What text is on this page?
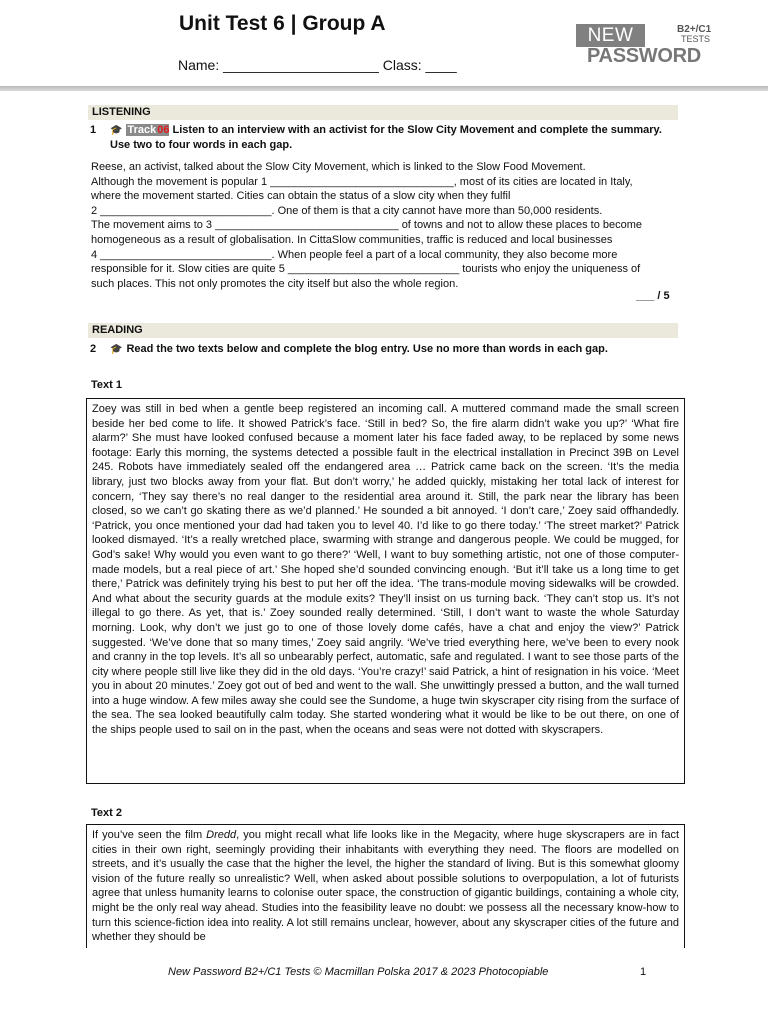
Unit Test 6 | Group A
Name: ____________________ Class: ____
NEW	B2+/C1
TESTS
PASSWORD
LISTENING
1 🎓 Track06 Listen to an interview with an activist for the Slow City Movement and complete the summary. Use two to four words in each gap.
Reese, an activist, talked about the Slow City Movement, which is linked to the Slow Food Movement.
Although the movement is popular 1 ______________________________, most of its cities are located in Italy,
where the movement started. Cities can obtain the status of a slow city when they fulfil
2 ____________________________. One of them is that a city cannot have more than 50,000 residents.
The movement aims to 3 ______________________________ of towns and not to allow these places to become
homogeneous as a result of globalisation. In CittaSlow communities, traffic is reduced and local businesses
4 ____________________________. When people feel a part of a local community, they also become more
responsible for it. Slow cities are quite 5 ____________________________ tourists who enjoy the uniqueness of
such places. This not only promotes the city itself but also the whole region.
___ / 5
READING
2 🎓 Read the two texts below and complete the blog entry. Use no more than words in each gap.
Text 1
Zoey was still in bed when a gentle beep registered an incoming call. A muttered command made the small screen beside her bed come to life. It showed Patrick’s face. ‘Still in bed? So, the fire alarm didn’t wake you up?’ ‘What fire alarm?’ She must have looked confused because a moment later his face faded away, to be replaced by some news footage: Early this morning, the systems detected a possible fault in the electrical installation in Precinct 39B on Level 245. Robots have immediately sealed off the endangered area … Patrick came back on the screen. ‘It’s the media library, just two blocks away from your flat. But don’t worry,’ he added quickly, mistaking her total lack of interest for concern, ‘They say there’s no real danger to the residential area around it. Still, the park near the library has been closed, so we can’t go skating there as we’d planned.’ He sounded a bit annoyed. ‘I don’t care,’ Zoey said offhandedly. ‘Patrick, you once mentioned your dad had taken you to level 40. I’d like to go there today.’ ‘The street market?’ Patrick looked dismayed. ‘It’s a really wretched place, swarming with strange and dangerous people. We could be mugged, for God’s sake! Why would you even want to go there?’ ‘Well, I want to buy something artistic, not one of those computer-made models, but a real piece of art.’ She hoped she’d sounded convincing enough. ‘But it’ll take us a long time to get there,’ Patrick was definitely trying his best to put her off the idea. ‘The trans-module moving sidewalks will be crowded. And what about the security guards at the module exits? They’ll insist on us turning back. ‘They can’t stop us. It’s not illegal to go there. As yet, that is.’ Zoey sounded really determined. ‘Still, I don’t want to waste the whole Saturday morning. Look, why don’t we just go to one of those lovely dome cafés, have a chat and enjoy the view?’ Patrick suggested. ‘We’ve done that so many times,’ Zoey said angrily. ‘We’ve tried everything here, we’ve been to every nook and cranny in the top levels. It’s all so unbearably perfect, automatic, safe and regulated. I want to see those parts of the city where people still live like they did in the old days. ‘You’re crazy!’ said Patrick, a hint of resignation in his voice. ‘Meet you in about 20 minutes.’ Zoey got out of bed and went to the wall. She unwittingly pressed a button, and the wall turned into a huge window. A few miles away she could see the Sundome, a huge twin skyscraper city rising from the surface of the sea. The sea looked beautifully calm today. She started wondering what it would be like to be out there, on one of the ships people used to sail on in the past, when the oceans and seas were not dotted with skyscrapers.
Text 2
If you’ve seen the film Dredd, you might recall what life looks like in the Megacity, where huge skyscrapers are in fact cities in their own right, seemingly providing their inhabitants with everything they need. The floors are modelled on streets, and it’s usually the case that the higher the level, the higher the standard of living. But is this somewhat gloomy vision of the future really so unrealistic? Well, when asked about possible solutions to overpopulation, a lot of futurists agree that unless humanity learns to colonise outer space, the construction of gigantic buildings, containing a whole city, might be the only real way ahead. Studies into the feasibility leave no doubt: we possess all the necessary know-how to turn this science-fiction idea into reality. A lot still remains unclear, however, about any skyscraper cities of the future and whether they should be
New Password B2+/C1 Tests © Macmillan Polska 2017 & 2023 Photocopiable	1
